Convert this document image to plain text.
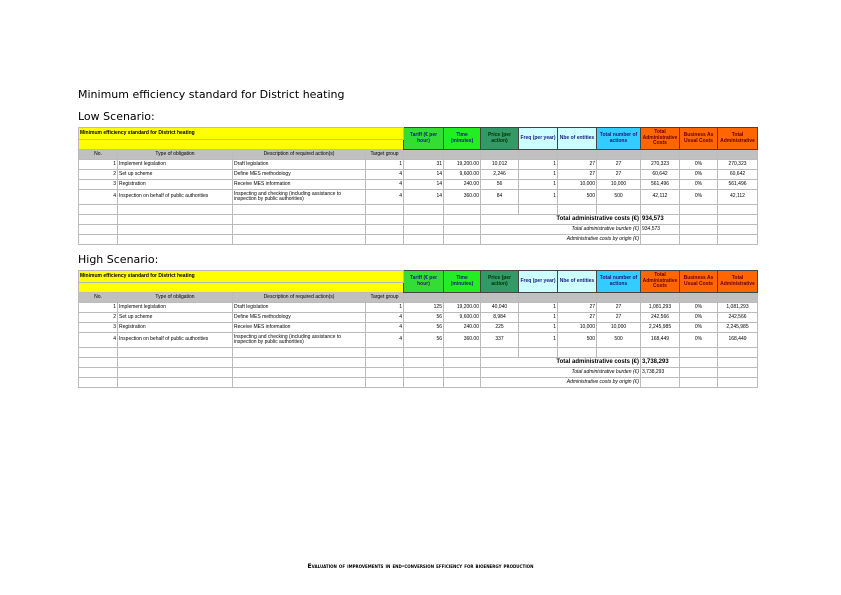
Minimum efficiency standard for District heating
Low Scenario:
High Scenario:
Minimum efficiency standard for District heating				Tariff (€ per hour)	Time (minutes)	Price (per action)	Freq (per year)	Nbe of entities	Total number of actions	Total Administrative Costs	Business As Usual Costs	Total Administrative

No.	Type of obligation	Description of required action(s)	Target group									
1	Implement legislation	Draft legislation	1	31	19,200.00	10,012	1	27	27	270,323	0%	270,323
2	Set up scheme	Define MES methodology	4	14	9,600.00	2,246	1	27	27	60,642	0%	60,642
3	Registration	Receive MES information	4	14	240.00	56	1	10,000	10,000	561,496	0%	561,496
4	Inspection on behalf of public authorities	Inspecting and checking (including assistance to inspection by public authorities)	4	14	360.00	84	1	500	500	42,112	0%	42,112

						Total administrative costs (€)				934,573		
						Total administrative burden (€)				934,573		
						Administrative costs by origin (€)						
Minimum efficiency standard for District heating				Tariff (€ per hour)	Time (minutes)	Price (per action)	Freq (per year)	Nbe of entities	Total number of actions	Total Administrative Costs	Business As Usual Costs	Total Administrative

No.	Type of obligation	Description of required action(s)	Target group									
1	Implement legislation	Draft legislation	1	125	19,200.00	40,040	1	27	27	1,081,293	0%	1,081,293
2	Set up scheme	Define MES methodology	4	56	9,600.00	8,984	1	27	27	242,566	0%	242,566
3	Registration	Receive MES information	4	56	240.00	225	1	10,000	10,000	2,245,985	0%	2,245,985
4	Inspection on behalf of public authorities	Inspecting and checking (including assistance to inspection by public authorities)	4	56	360.00	337	1	500	500	168,449	0%	168,449

						Total administrative costs (€)				3,738,293		
						Total administrative burden (€)				3,738,293		
						Administrative costs by origin (€)						
Evaluation of improvements in end-conversion efficiency for bioenergy production
